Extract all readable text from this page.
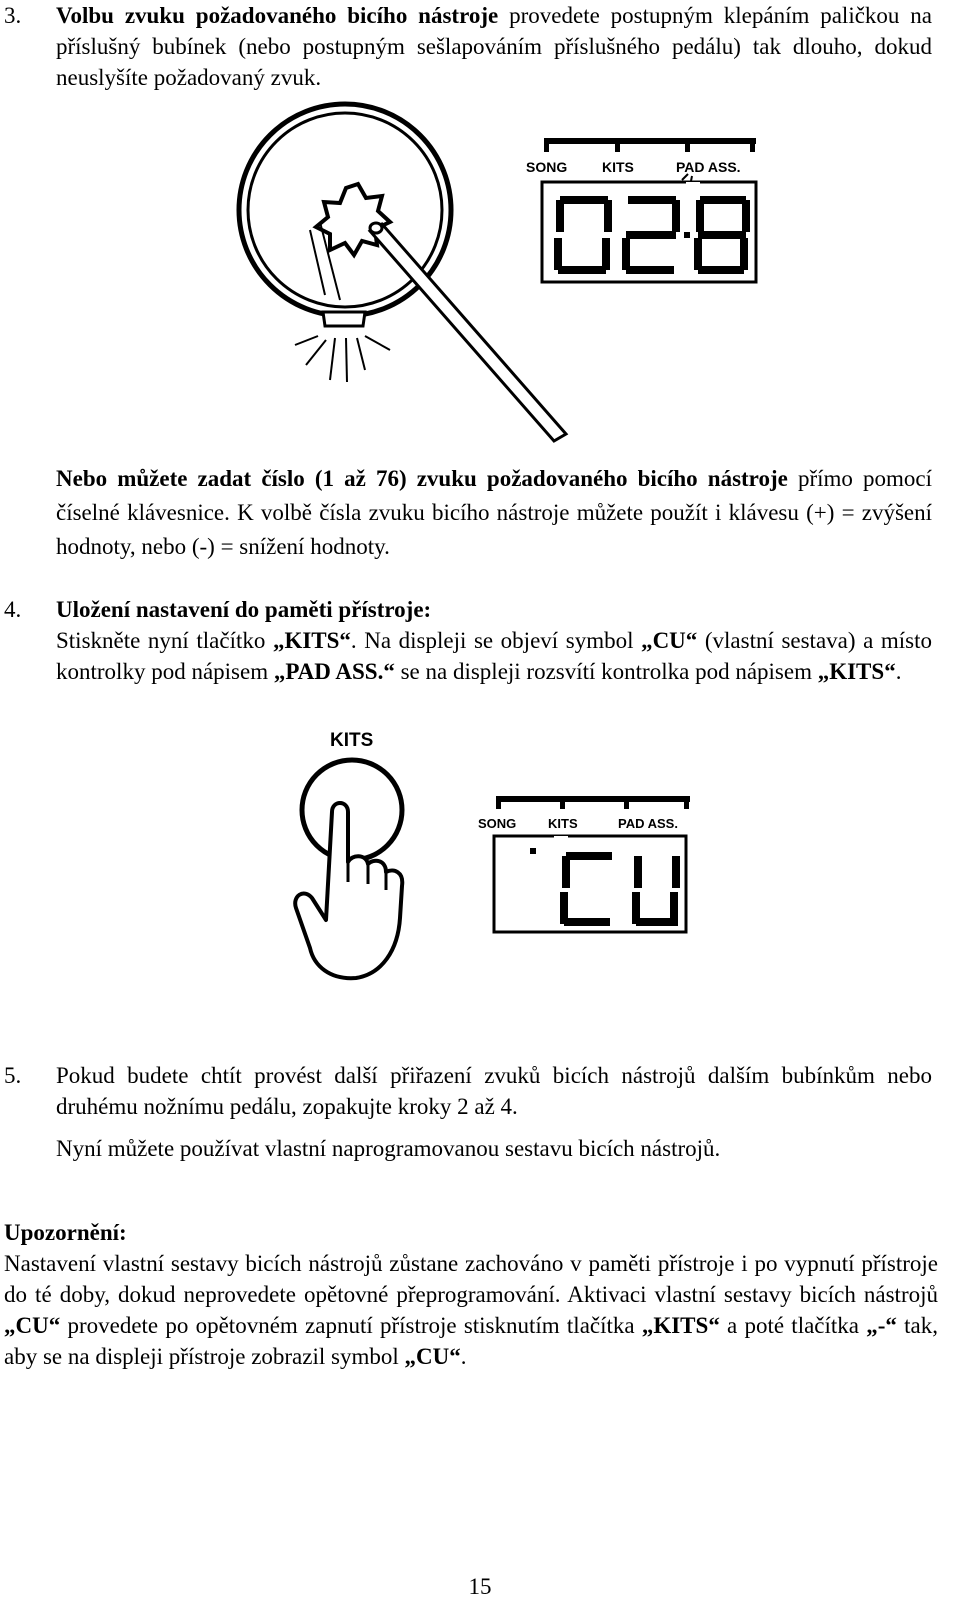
3. Volbu zvuku požadovaného bicího nástroje provedete postupným klepáním paličkou na příslušný bubínek (nebo postupným sešlapováním příslušného pedálu) tak dlouho, dokud neuslyšíte požadovaný zvuk.
SONG KITS	PAD ASS.
Nebo můžete zadat číslo (1 až 76) zvuku požadovaného bicího nástroje přímo pomocí číselné klávesnice. K volbě čísla zvuku bicího nástroje můžete použít i klávesu (+) = zvýšení hodnoty, nebo (-) = snížení hodnoty.
4. Uložení nastavení do paměti přístroje:
Stiskněte nyní tlačítko „KITS“. Na displeji se objeví symbol „CU“ (vlastní sestava) a místo kontrolky pod nápisem „PAD ASS.“ se na displeji rozsvítí kontrolka pod nápisem „KITS“.
KITS
SONG KITS	PAD ASS.
5. Pokud budete chtít provést další přiřazení zvuků bicích nástrojů dalším bubínkům nebo druhému nožnímu pedálu, zopakujte kroky 2 až 4.
Nyní můžete používat vlastní naprogramovanou sestavu bicích nástrojů.
Upozornění:
Nastavení vlastní sestavy bicích nástrojů zůstane zachováno v paměti přístroje i po vypnutí přístroje do té doby, dokud neprovedete opětovné přeprogramování. Aktivaci vlastní sestavy bicích nástrojů „CU“ provedete po opětovném zapnutí přístroje stisknutím tlačítka „KITS“ a poté tlačítka „-“ tak, aby se na displeji přístroje zobrazil symbol „CU“.
15
